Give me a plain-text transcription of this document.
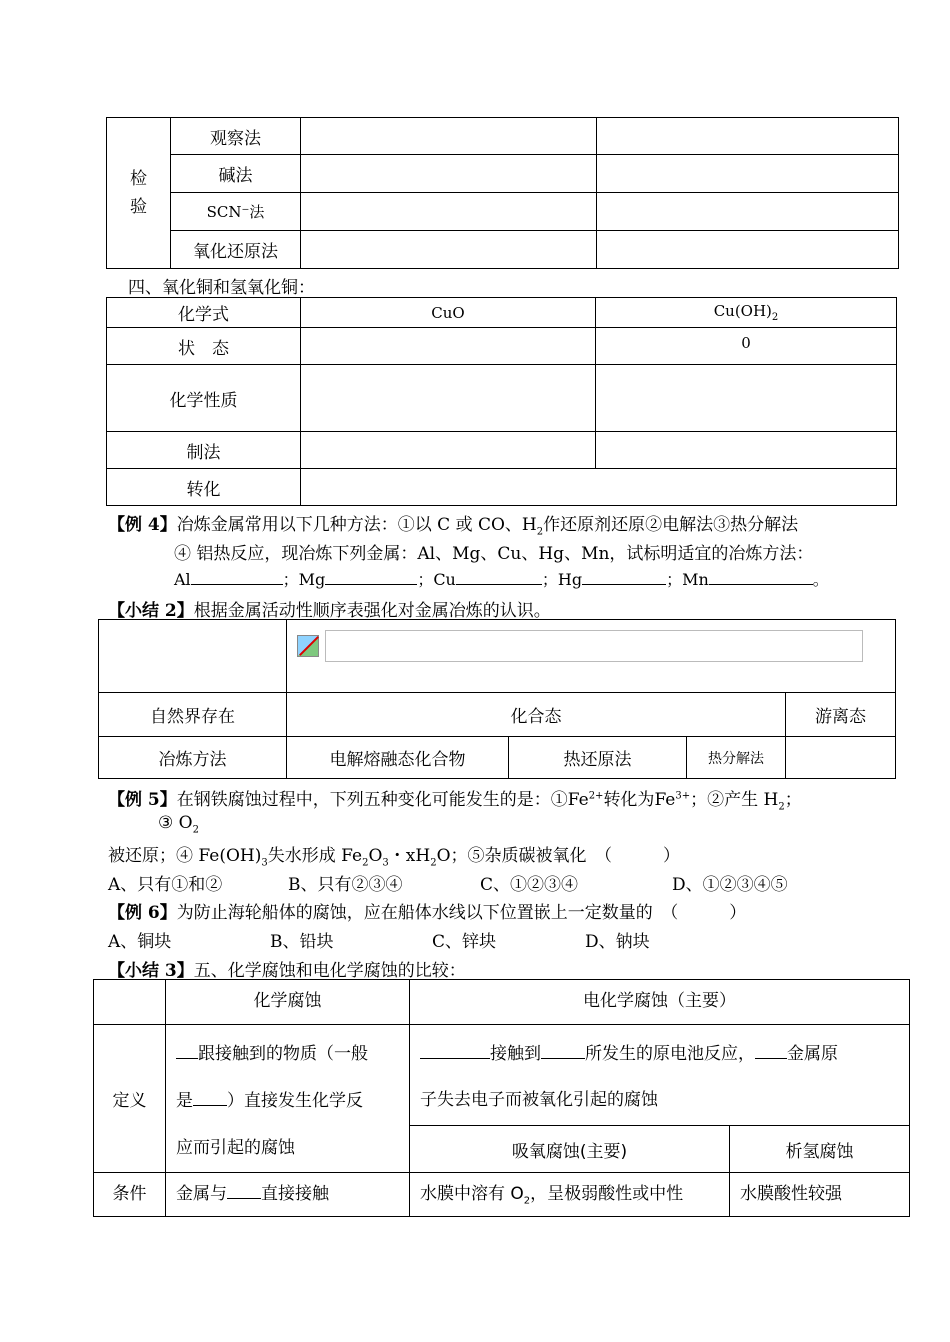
检验	观察法		
	碱法		
	SCN⁻法		
	氧化还原法		
四、氧化铜和氢氧化铜：
化学式	CuO	$Cu(OH)_2$
状　态		0
化学性质		
制法		
转化		
【例 4】冶炼金属常用以下几种方法：①以 C 或 CO、$H_2$作还原剂还原②电解法③热分解法
④ 铝热反应，现冶炼下列金属：Al、Mg、Cu、Hg、Mn，试标明适宜的冶炼方法：
Al	；Mg	；Cu	；Hg	；Mn	。
【小结 2】根据金属活动性顺序表强化对金属冶炼的认识。

自然界存在	化合态			游离态
冶炼方法	电解熔融态化合物	热还原法	热分解法	
【例 5】在钢铁腐蚀过程中，下列五种变化可能发生的是：$①Fe^{2+}$转化为$Fe^{3+}$；②产生 $H_2$；
③ $O_2$
被还原；④ $Fe(OH)_3$失水形成 $Fe_2O_3$・$xH_2O$；⑤杂质碳被氧化　（　　　）
A、只有①和②	B、只有②③④	C、①②③④	D、①②③④⑤
【例 6】为防止海轮船体的腐蚀，应在船体水线以下位置嵌上一定数量的　（　　　）
A、铜块	B、铅块	C、锌块	D、钠块
【小结 3】五、化学腐蚀和电化学腐蚀的比较：
	化学腐蚀	电化学腐蚀（主要）	
定义	跟接触到的物质（一般
是 ）直接发生化学反
应而引起的腐蚀	接触到 所发生的原电池反应， 金属原
子失去电子而被氧化引起的腐蚀	
		吸氧腐蚀(主要)	析氢腐蚀
条件	金属与 直接接触	水膜中溶有 $O_2$，呈极弱酸性或中性	水膜酸性较强
